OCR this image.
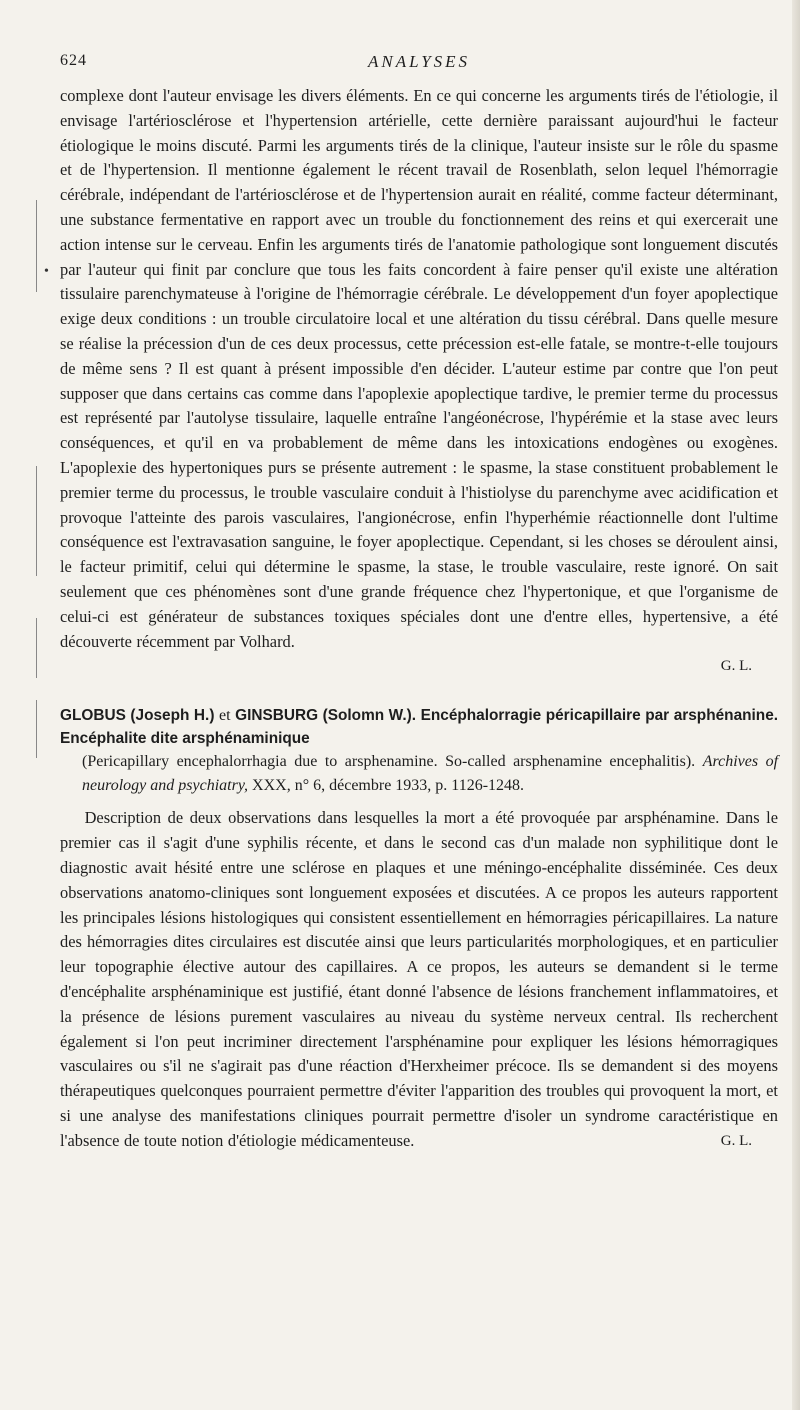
•
624	ANALYSES

complexe dont l'auteur envisage les divers éléments. En ce qui concerne les arguments tirés de l'étiologie, il envisage l'artériosclérose et l'hypertension artérielle, cette dernière paraissant aujourd'hui le facteur étiologique le moins discuté. Parmi les arguments tirés de la clinique, l'auteur insiste sur le rôle du spasme et de l'hypertension. Il mentionne également le récent travail de Rosenblath, selon lequel l'hémorragie cérébrale, indépendant de l'artériosclérose et de l'hypertension aurait en réalité, comme facteur déterminant, une substance fermentative en rapport avec un trouble du fonctionnement des reins et qui exercerait une action intense sur le cerveau. Enfin les arguments tirés de l'anatomie pathologique sont longuement discutés par l'auteur qui finit par conclure que tous les faits concordent à faire penser qu'il existe une altération tissulaire parenchymateuse à l'origine de l'hémorragie cérébrale. Le développement d'un foyer apoplectique exige deux conditions : un trouble circulatoire local et une altération du tissu cérébral. Dans quelle mesure se réalise la précession d'un de ces deux processus, cette précession est-elle fatale, se montre-t-elle toujours de même sens ? Il est quant à présent impossible d'en décider. L'auteur estime par contre que l'on peut supposer que dans certains cas comme dans l'apoplexie apoplectique tardive, le premier terme du processus est représenté par l'autolyse tissulaire, laquelle entraîne l'angéonécrose, l'hypérémie et la stase avec leurs conséquences, et qu'il en va probablement de même dans les intoxications endogènes ou exogènes. L'apoplexie des hypertoniques purs se présente autrement : le spasme, la stase constituent probablement le premier terme du processus, le trouble vasculaire conduit à l'histiolyse du parenchyme avec acidification et provoque l'atteinte des parois vasculaires, l'angionécrose, enfin l'hyperhémie réactionnelle dont l'ultime conséquence est l'extravasation sanguine, le foyer apoplectique. Cependant, si les choses se déroulent ainsi, le facteur primitif, celui qui détermine le spasme, la stase, le trouble vasculaire, reste ignoré. On sait seulement que ces phénomènes sont d'une grande fréquence chez l'hypertonique, et que l'organisme de celui-ci est générateur de substances toxiques spéciales dont une d'entre elles, hypertensive, a été découverte récemment par Volhard.

G. L.

GLOBUS (Joseph H.) et GINSBURG (Solomn W.). Encéphalorragie péricapillaire par arsphénanine. Encéphalite dite arsphénaminique
(Pericapillary encephalorrhagia due to arsphenamine. So-called arsphenamine encephalitis). Archives of neurology and psychiatry, XXX, n° 6, décembre 1933, p. 1126-1248.

Description de deux observations dans lesquelles la mort a été provoquée par arsphénamine. Dans le premier cas il s'agit d'une syphilis récente, et dans le second cas d'un malade non syphilitique dont le diagnostic avait hésité entre une sclérose en plaques et une méningo-encéphalite disséminée. Ces deux observations anatomo-cliniques sont longuement exposées et discutées. A ce propos les auteurs rapportent les principales lésions histologiques qui consistent essentiellement en hémorragies péricapillaires. La nature des hémorragies dites circulaires est discutée ainsi que leurs particularités morphologiques, et en particulier leur topographie élective autour des capillaires. A ce propos, les auteurs se demandent si le terme d'encéphalite arsphénaminique est justifié, étant donné l'absence de lésions franchement inflammatoires, et la présence de lésions purement vasculaires au niveau du système nerveux central. Ils recherchent également si l'on peut incriminer directement l'arsphénamine pour expliquer les lésions hémorragiques vasculaires ou s'il ne s'agirait pas d'une réaction d'Herxheimer précoce. Ils se demandent si des moyens thérapeutiques quelconques pourraient permettre d'éviter l'apparition des troubles qui provoquent la mort, et si une analyse des manifestations cliniques pourrait permettre d'isoler un syndrome caractéristique en l'absence de toute notion d'étiologie médicamenteuse.	G. L.
